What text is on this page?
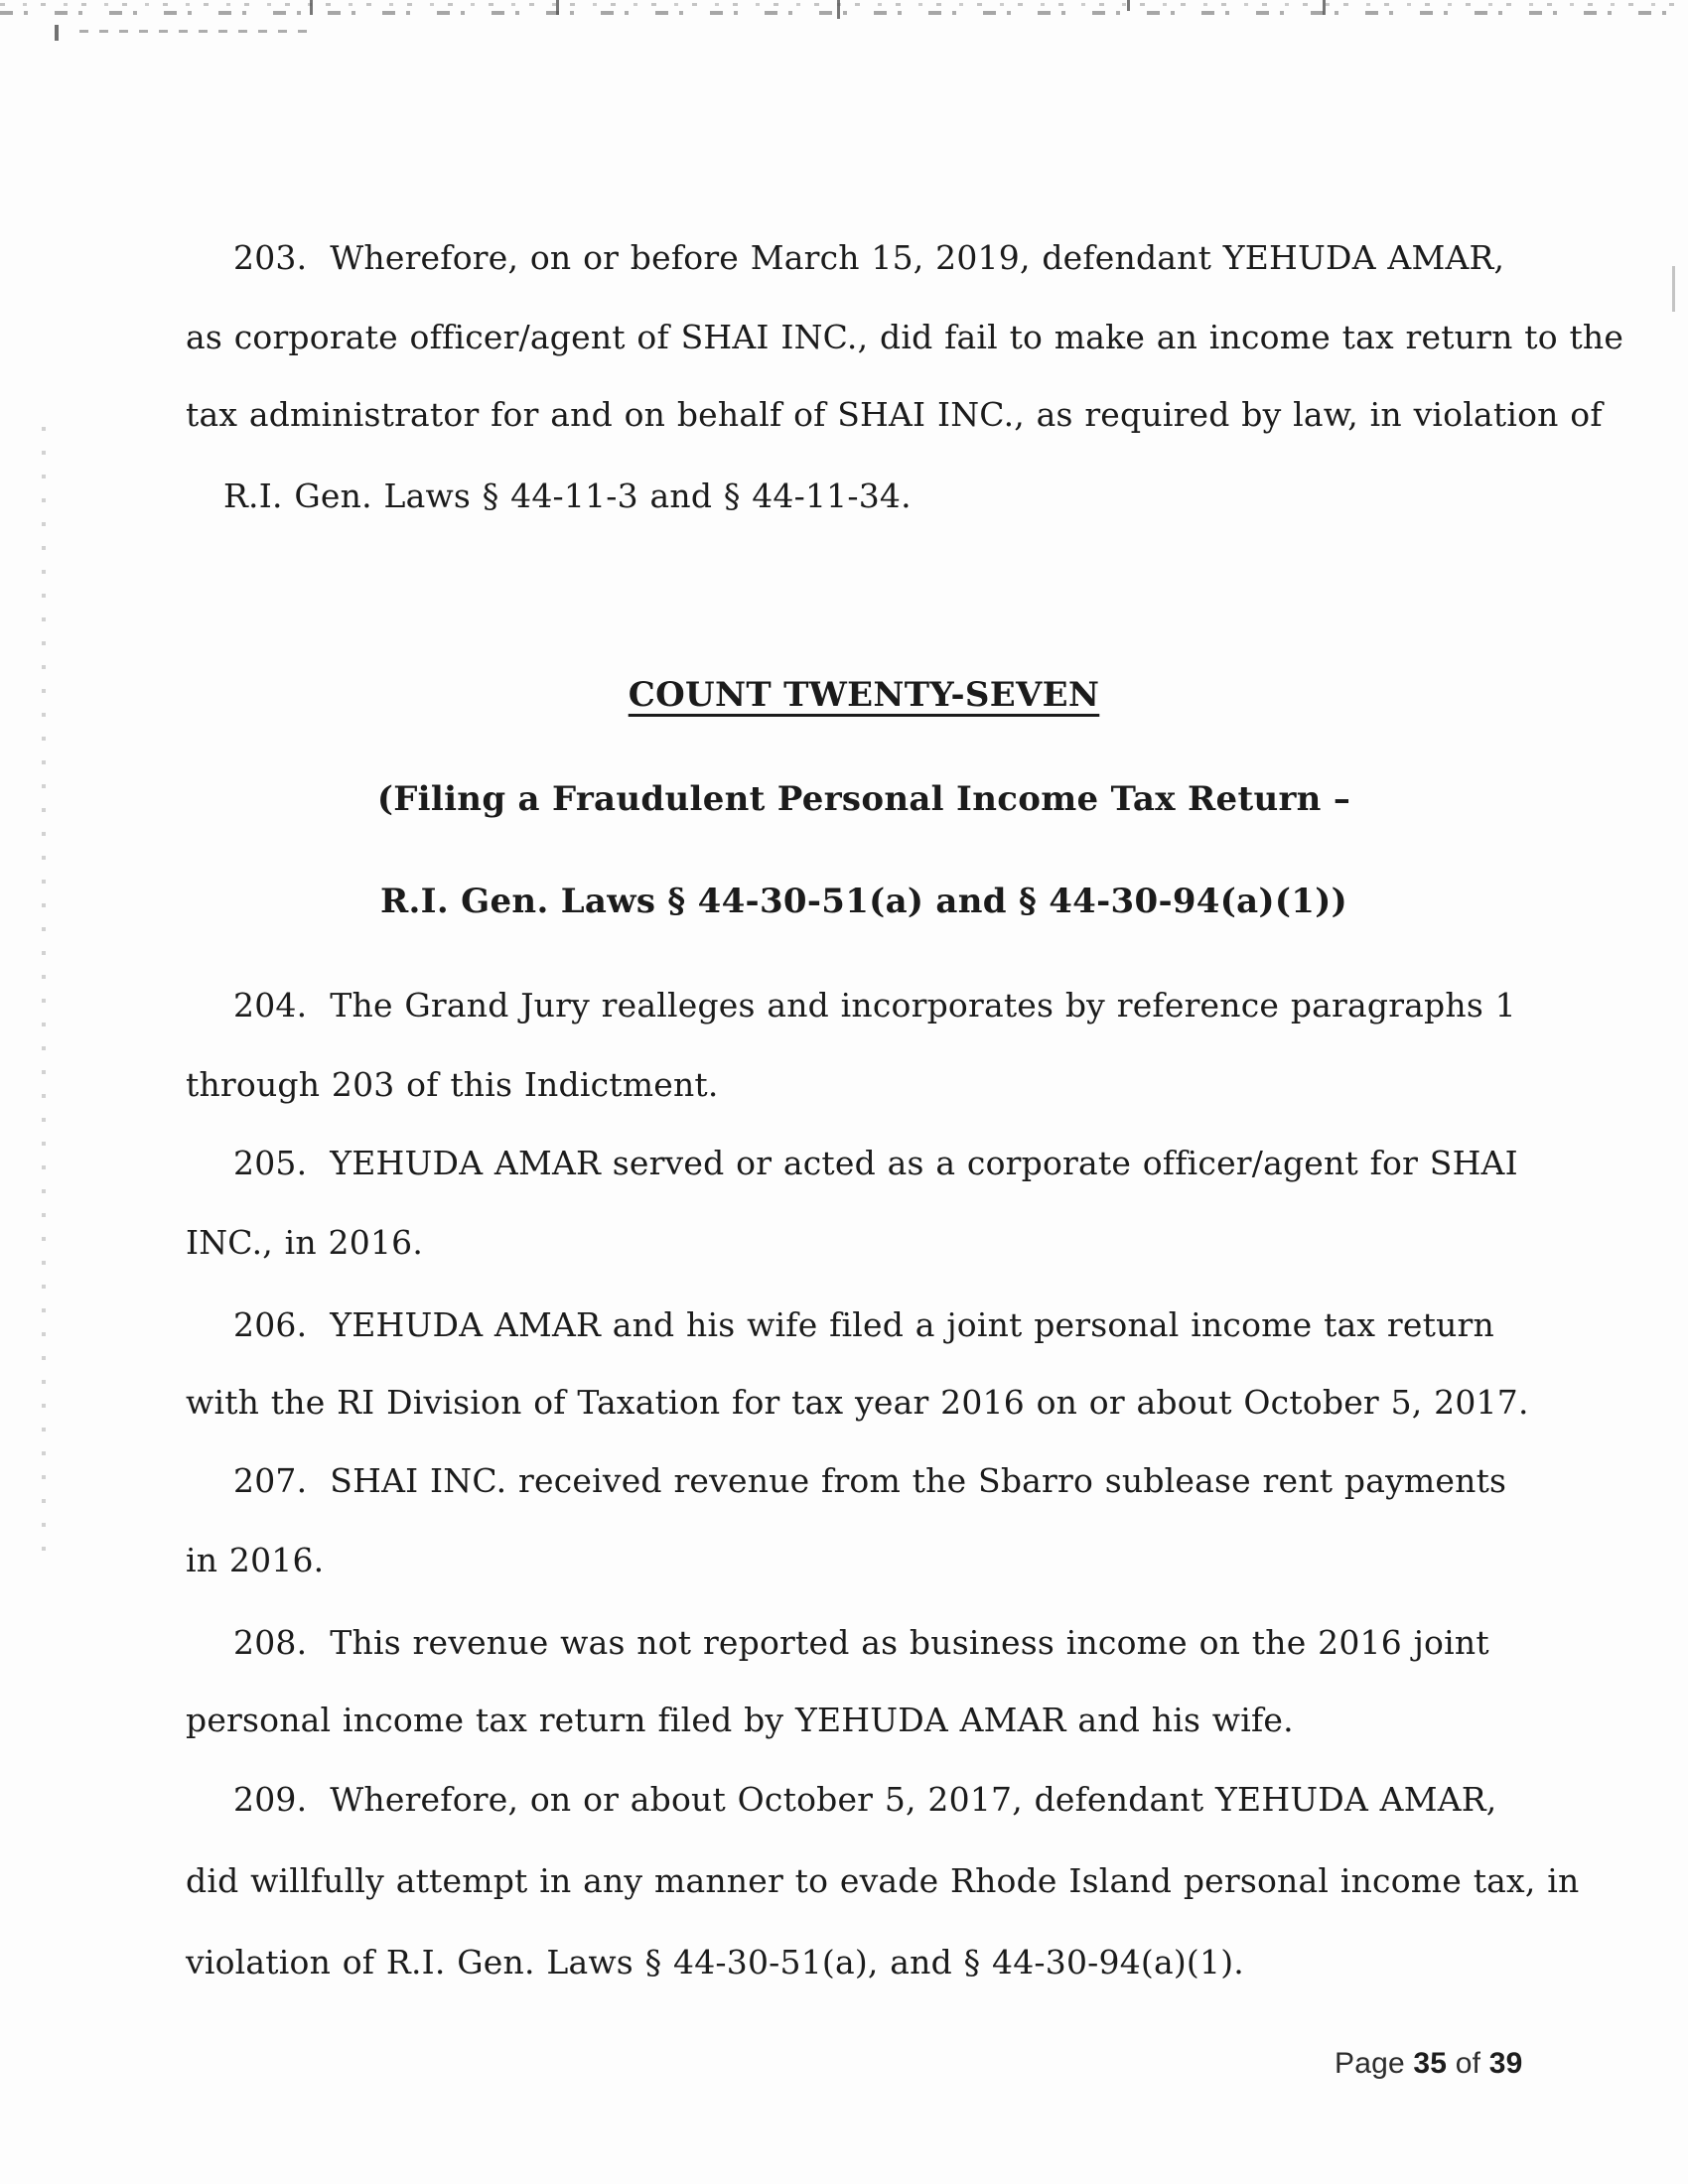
203. Wherefore, on or before March 15, 2019, defendant YEHUDA AMAR,
as corporate officer/agent of SHAI INC., did fail to make an income tax return to the
tax administrator for and on behalf of SHAI INC., as required by law, in violation of
R.I. Gen. Laws § 44-11-3 and § 44-11-34.
COUNT TWENTY-SEVEN
(Filing a Fraudulent Personal Income Tax Return –
R.I. Gen. Laws § 44-30-51(a) and § 44-30-94(a)(1))
204. The Grand Jury realleges and incorporates by reference paragraphs 1
through 203 of this Indictment.
205. YEHUDA AMAR served or acted as a corporate officer/agent for SHAI
INC., in 2016.
206. YEHUDA AMAR and his wife filed a joint personal income tax return
with the RI Division of Taxation for tax year 2016 on or about October 5, 2017.
207. SHAI INC. received revenue from the Sbarro sublease rent payments
in 2016.
208. This revenue was not reported as business income on the 2016 joint
personal income tax return filed by YEHUDA AMAR and his wife.
209. Wherefore, on or about October 5, 2017, defendant YEHUDA AMAR,
did willfully attempt in any manner to evade Rhode Island personal income tax, in
violation of R.I. Gen. Laws § 44-30-51(a), and § 44-30-94(a)(1).
Page 35 of 39
